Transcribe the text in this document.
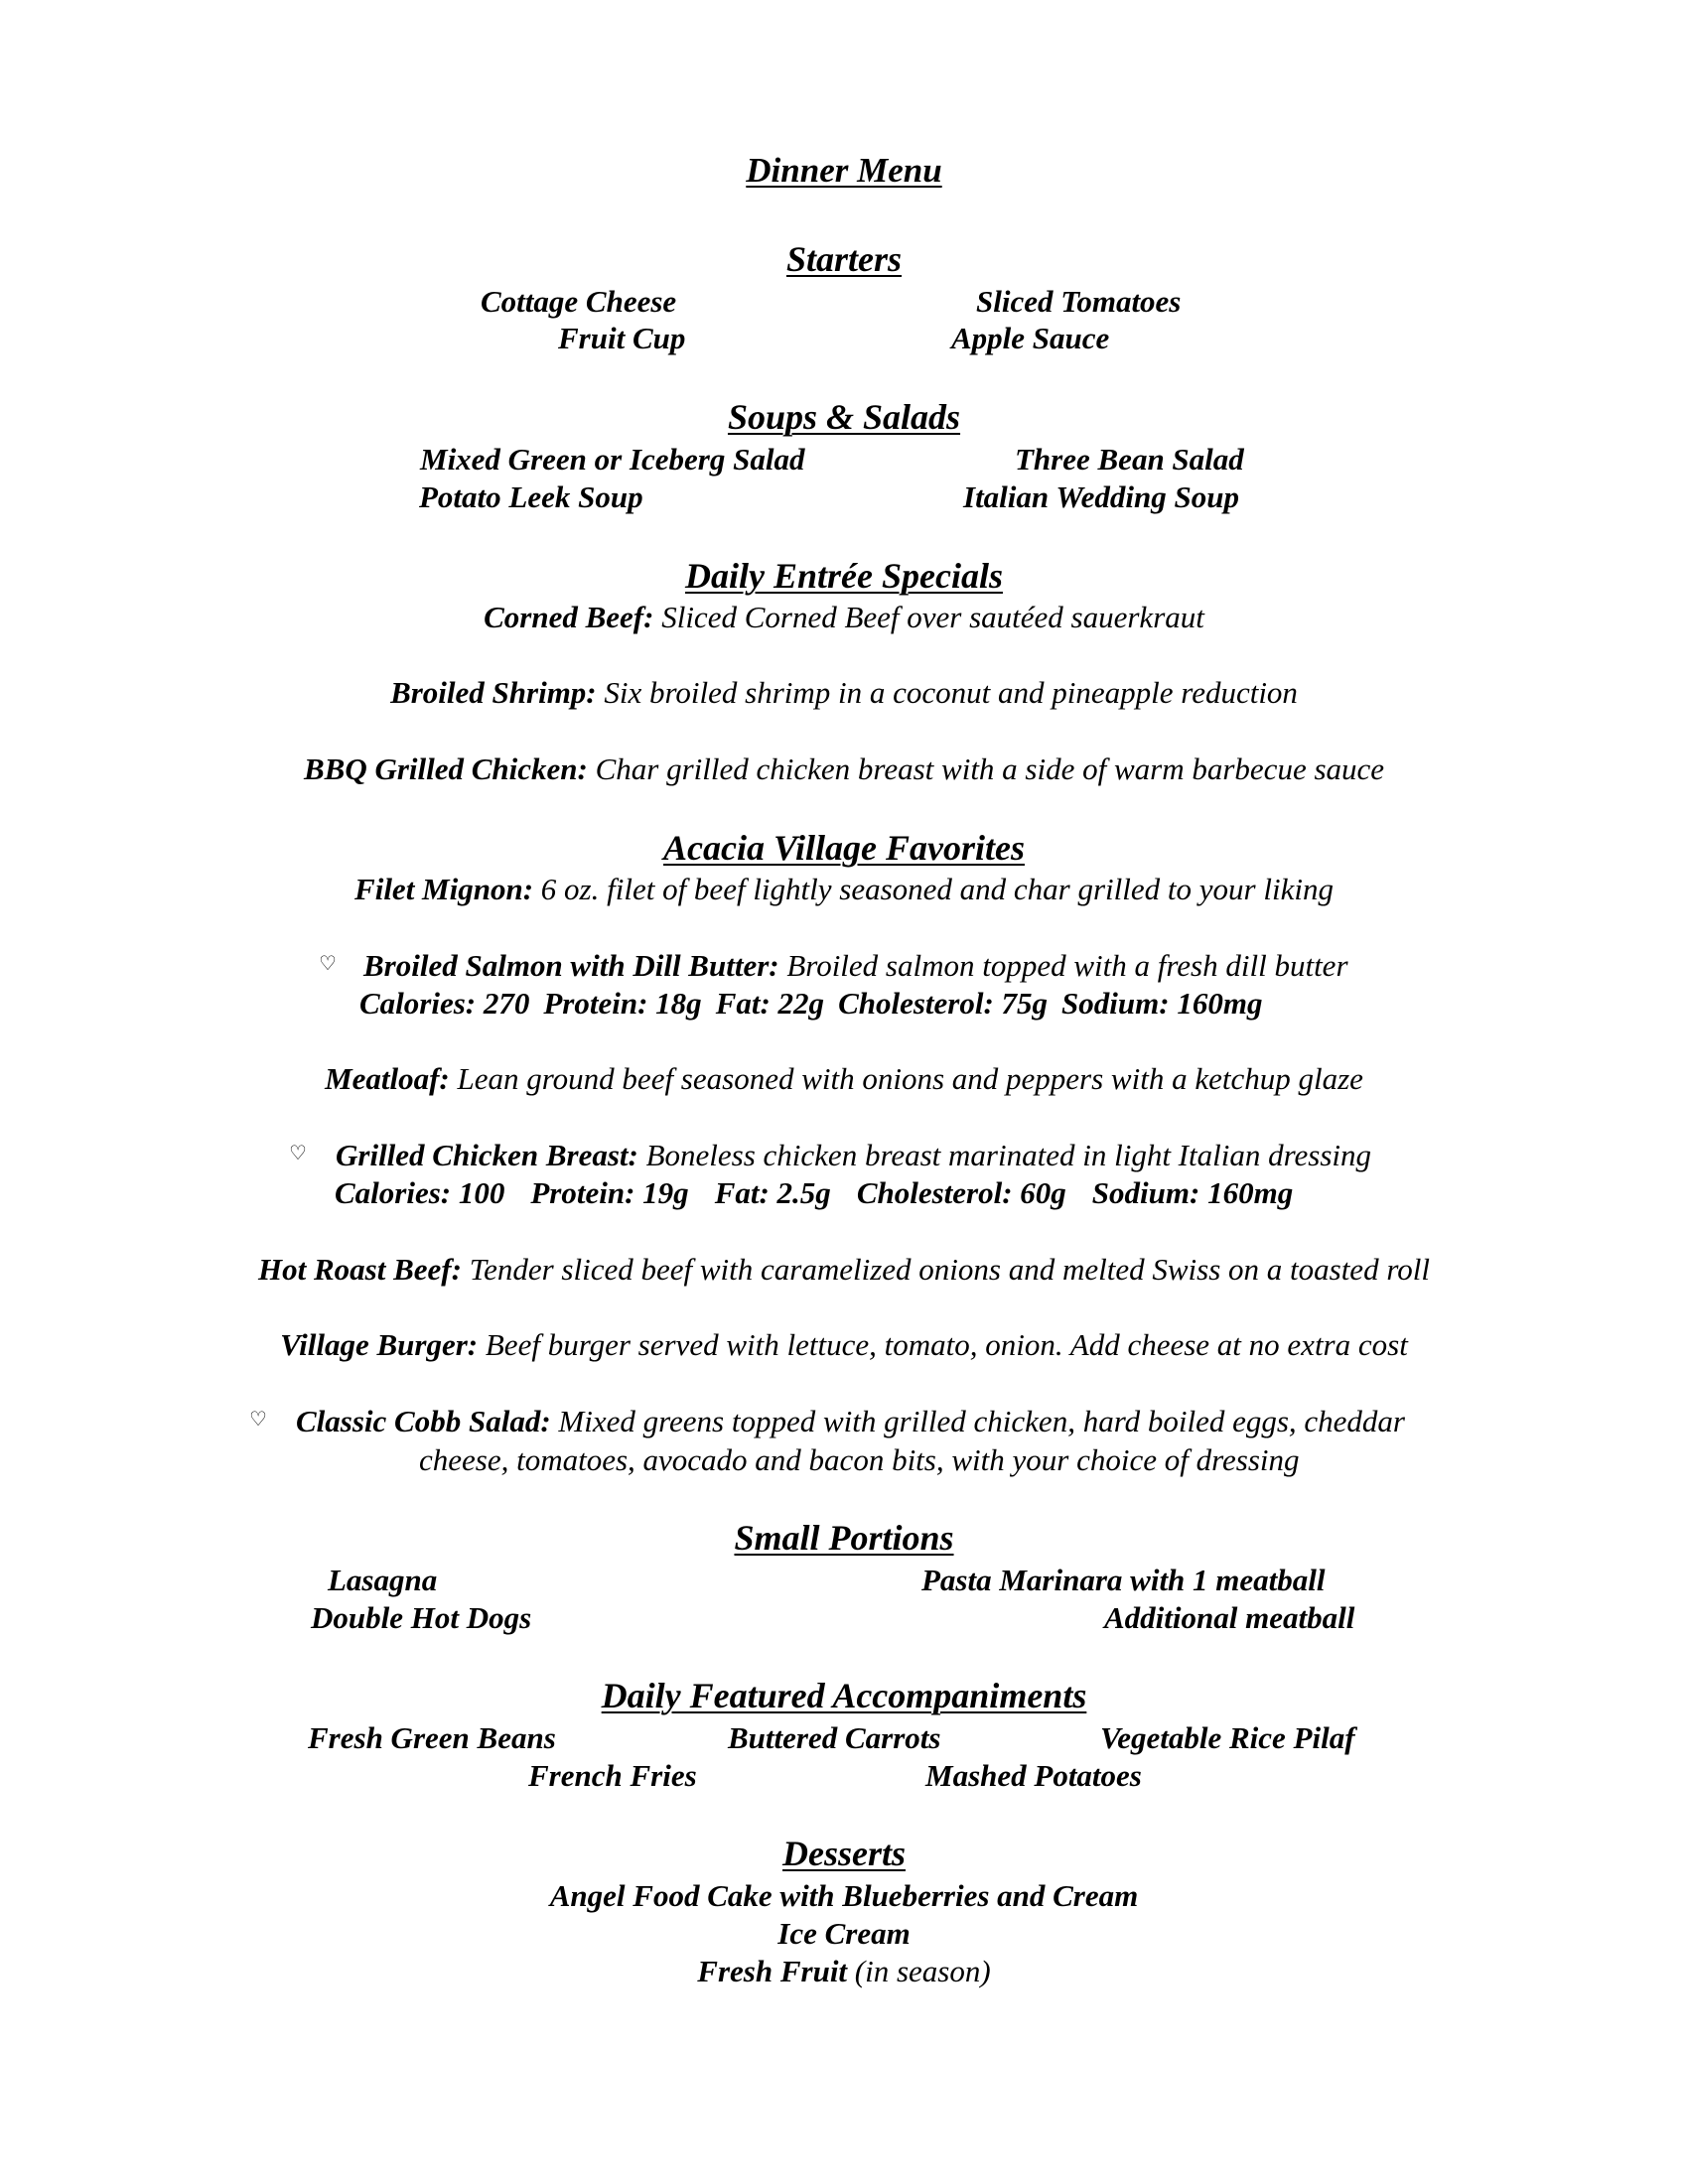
Dinner Menu
Starters
Cottage Cheese	Sliced Tomatoes
Fruit Cup	Apple Sauce
Soups & Salads
Mixed Green or Iceberg Salad	Three Bean Salad
Potato Leek Soup	Italian Wedding Soup
Daily Entrée Specials
Corned Beef: Sliced Corned Beef over sautéed sauerkraut
Broiled Shrimp: Six broiled shrimp in a coconut and pineapple reduction
BBQ Grilled Chicken: Char grilled chicken breast with a side of warm barbecue sauce
Acacia Village Favorites
Filet Mignon: 6 oz. filet of beef lightly seasoned and char grilled to your liking
♡ Broiled Salmon with Dill Butter: Broiled salmon topped with a fresh dill butter
Calories: 270 Protein: 18g Fat: 22g Cholesterol: 75g Sodium: 160mg
Meatloaf: Lean ground beef seasoned with onions and peppers with a ketchup glaze
♡ Grilled Chicken Breast: Boneless chicken breast marinated in light Italian dressing
Calories: 100 Protein: 19g Fat: 2.5g Cholesterol: 60g Sodium: 160mg
Hot Roast Beef: Tender sliced beef with caramelized onions and melted Swiss on a toasted roll
Village Burger: Beef burger served with lettuce, tomato, onion. Add cheese at no extra cost
♡ Classic Cobb Salad: Mixed greens topped with grilled chicken, hard boiled eggs, cheddar
cheese, tomatoes, avocado and bacon bits, with your choice of dressing
Small Portions
Lasagna	Pasta Marinara with 1 meatball
Double Hot Dogs	Additional meatball
Daily Featured Accompaniments
Fresh Green Beans	Buttered Carrots	Vegetable Rice Pilaf
French Fries	Mashed Potatoes
Desserts
Angel Food Cake with Blueberries and Cream
Ice Cream
Fresh Fruit (in season)
